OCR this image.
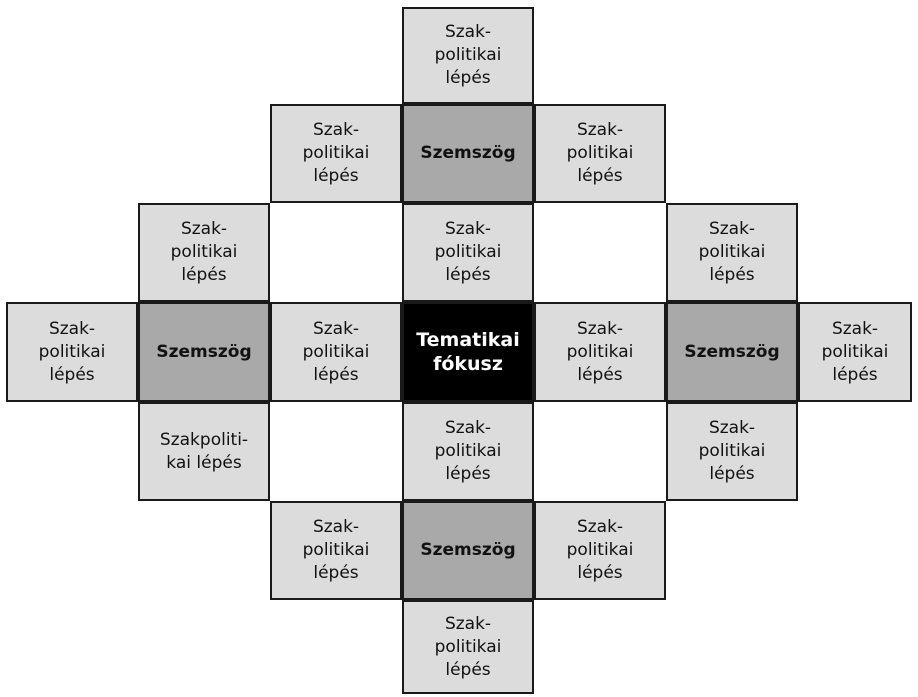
Szak-
politikai
lépés
Szak-
politikai
lépés
Szemszög
Szak-
politikai
lépés
Szak-
politikai
lépés
Szak-
politikai
lépés
Szak-
politikai
lépés
Szak-
politikai
lépés
Szemszög
Szak-
politikai
lépés
Tematikai
fókusz
Szak-
politikai
lépés
Szemszög
Szak-
politikai
lépés
Szakpoliti-
kai lépés
Szak-
politikai
lépés
Szak-
politikai
lépés
Szak-
politikai
lépés
Szemszög
Szak-
politikai
lépés
Szak-
politikai
lépés
